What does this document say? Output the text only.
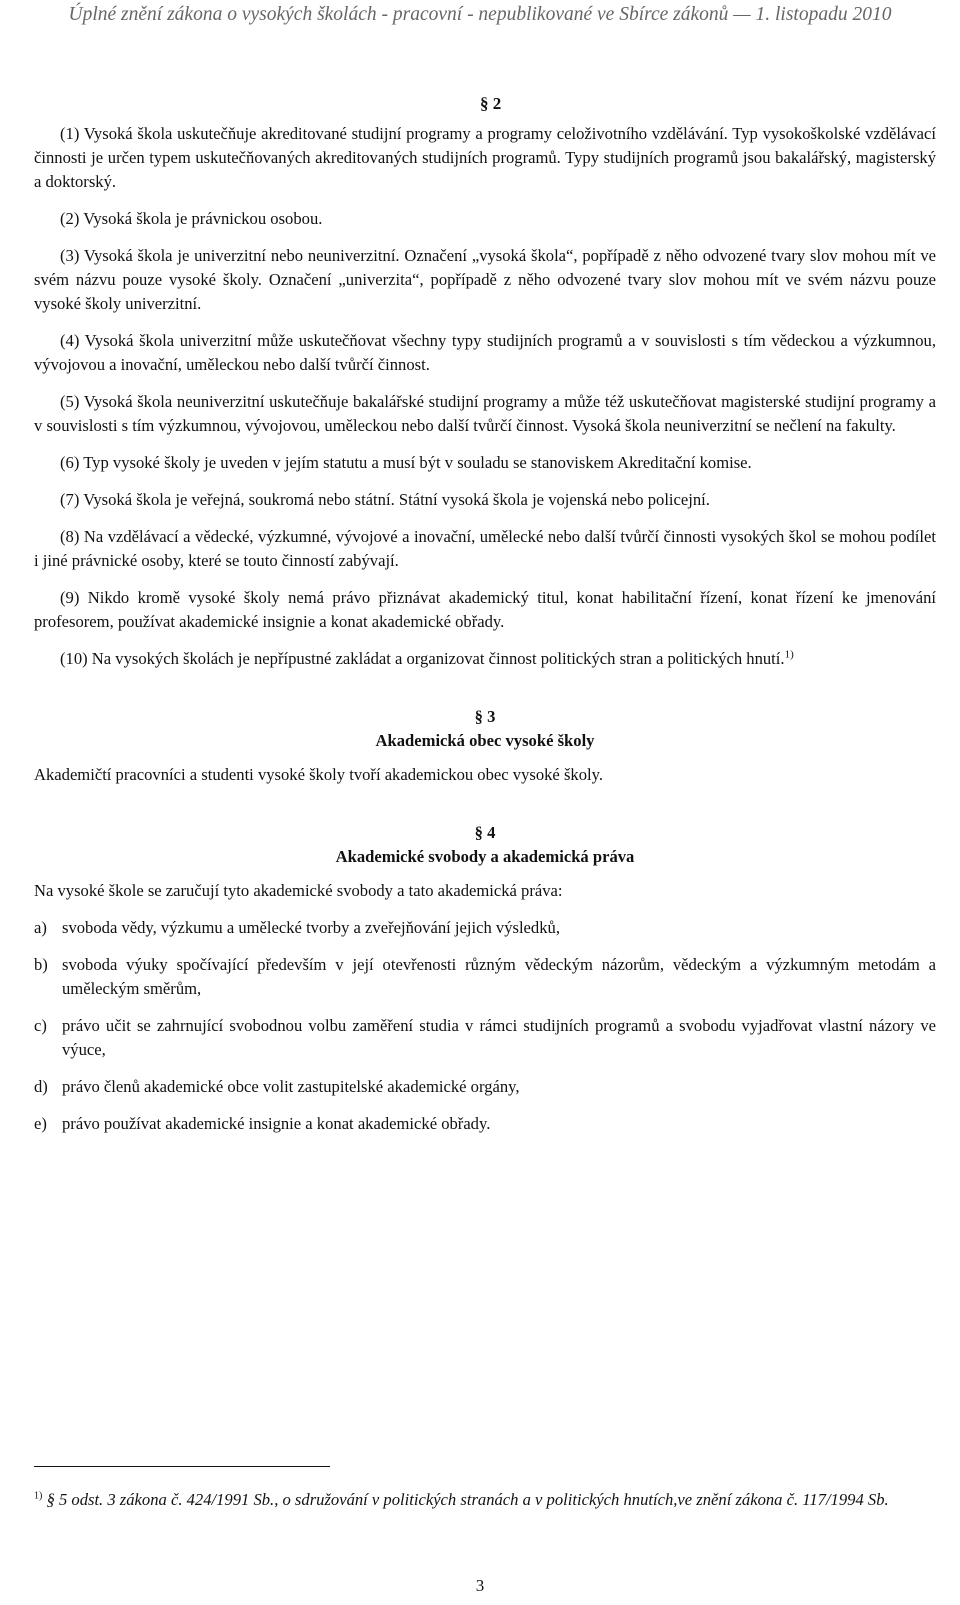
Úplné znění zákona o vysokých školách - pracovní - nepublikované ve Sbírce zákonů — 1. listopadu 2010
§ 2

(1) Vysoká škola uskutečňuje akreditované studijní programy a programy celoživotního vzdělávání. Typ vysokoškolské vzdělávací činnosti je určen typem uskutečňovaných akreditovaných studijních programů. Typy studijních programů jsou bakalářský, magisterský a doktorský.

(2) Vysoká škola je právnickou osobou.

(3) Vysoká škola je univerzitní nebo neuniverzitní. Označení „vysoká škola“, popřípadě z něho odvozené tvary slov mohou mít ve svém názvu pouze vysoké školy. Označení „univerzita“, popřípadě z něho odvozené tvary slov mohou mít ve svém názvu pouze vysoké školy univerzitní.

(4) Vysoká škola univerzitní může uskutečňovat všechny typy studijních programů a v souvislosti s tím vědeckou a výzkumnou, vývojovou a inovační, uměleckou nebo další tvůrčí činnost.

(5) Vysoká škola neuniverzitní uskutečňuje bakalářské studijní programy a může též uskutečňovat magisterské studijní programy a v souvislosti s tím výzkumnou, vývojovou, uměleckou nebo další tvůrčí činnost. Vysoká škola neuniverzitní se nečlení na fakulty.

(6) Typ vysoké školy je uveden v jejím statutu a musí být v souladu se stanoviskem Akreditační komise.

(7) Vysoká škola je veřejná, soukromá nebo státní. Státní vysoká škola je vojenská nebo policejní.

(8) Na vzdělávací a vědecké, výzkumné, vývojové a inovační, umělecké nebo další tvůrčí činnosti vysokých škol se mohou podílet i jiné právnické osoby, které se touto činností zabývají.

(9) Nikdo kromě vysoké školy nemá právo přiznávat akademický titul, konat habilitační řízení, konat řízení ke jmenování profesorem, používat akademické insignie a konat akademické obřady.

(10) Na vysokých školách je nepřípustné zakládat a organizovat činnost politických stran a politických hnutí.$^{1)}$

§ 3

Akademická obec vysoké školy

Akademičtí pracovníci a studenti vysoké školy tvoří akademickou obec vysoké školy.

§ 4

Akademické svobody a akademická práva

Na vysoké škole se zaručují tyto akademické svobody a tato akademická práva:

a) svoboda vědy, výzkumu a umělecké tvorby a zveřejňování jejich výsledků,
b) svoboda výuky spočívající především v její otevřenosti různým vědeckým názorům, vědeckým a výzkumným metodám a uměleckým směrům,
c) právo učit se zahrnující svobodnou volbu zaměření studia v rámci studijních programů a svobodu vyjadřovat vlastní názory ve výuce,
d) právo členů akademické obce volit zastupitelské akademické orgány,
e) právo používat akademické insignie a konat akademické obřady.
$^{1)}$ § 5 odst. 3 zákona č. 424/1991 Sb., o sdružování v politických stranách a v politických hnutích,ve znění zákona č. 117/1994 Sb.
3
